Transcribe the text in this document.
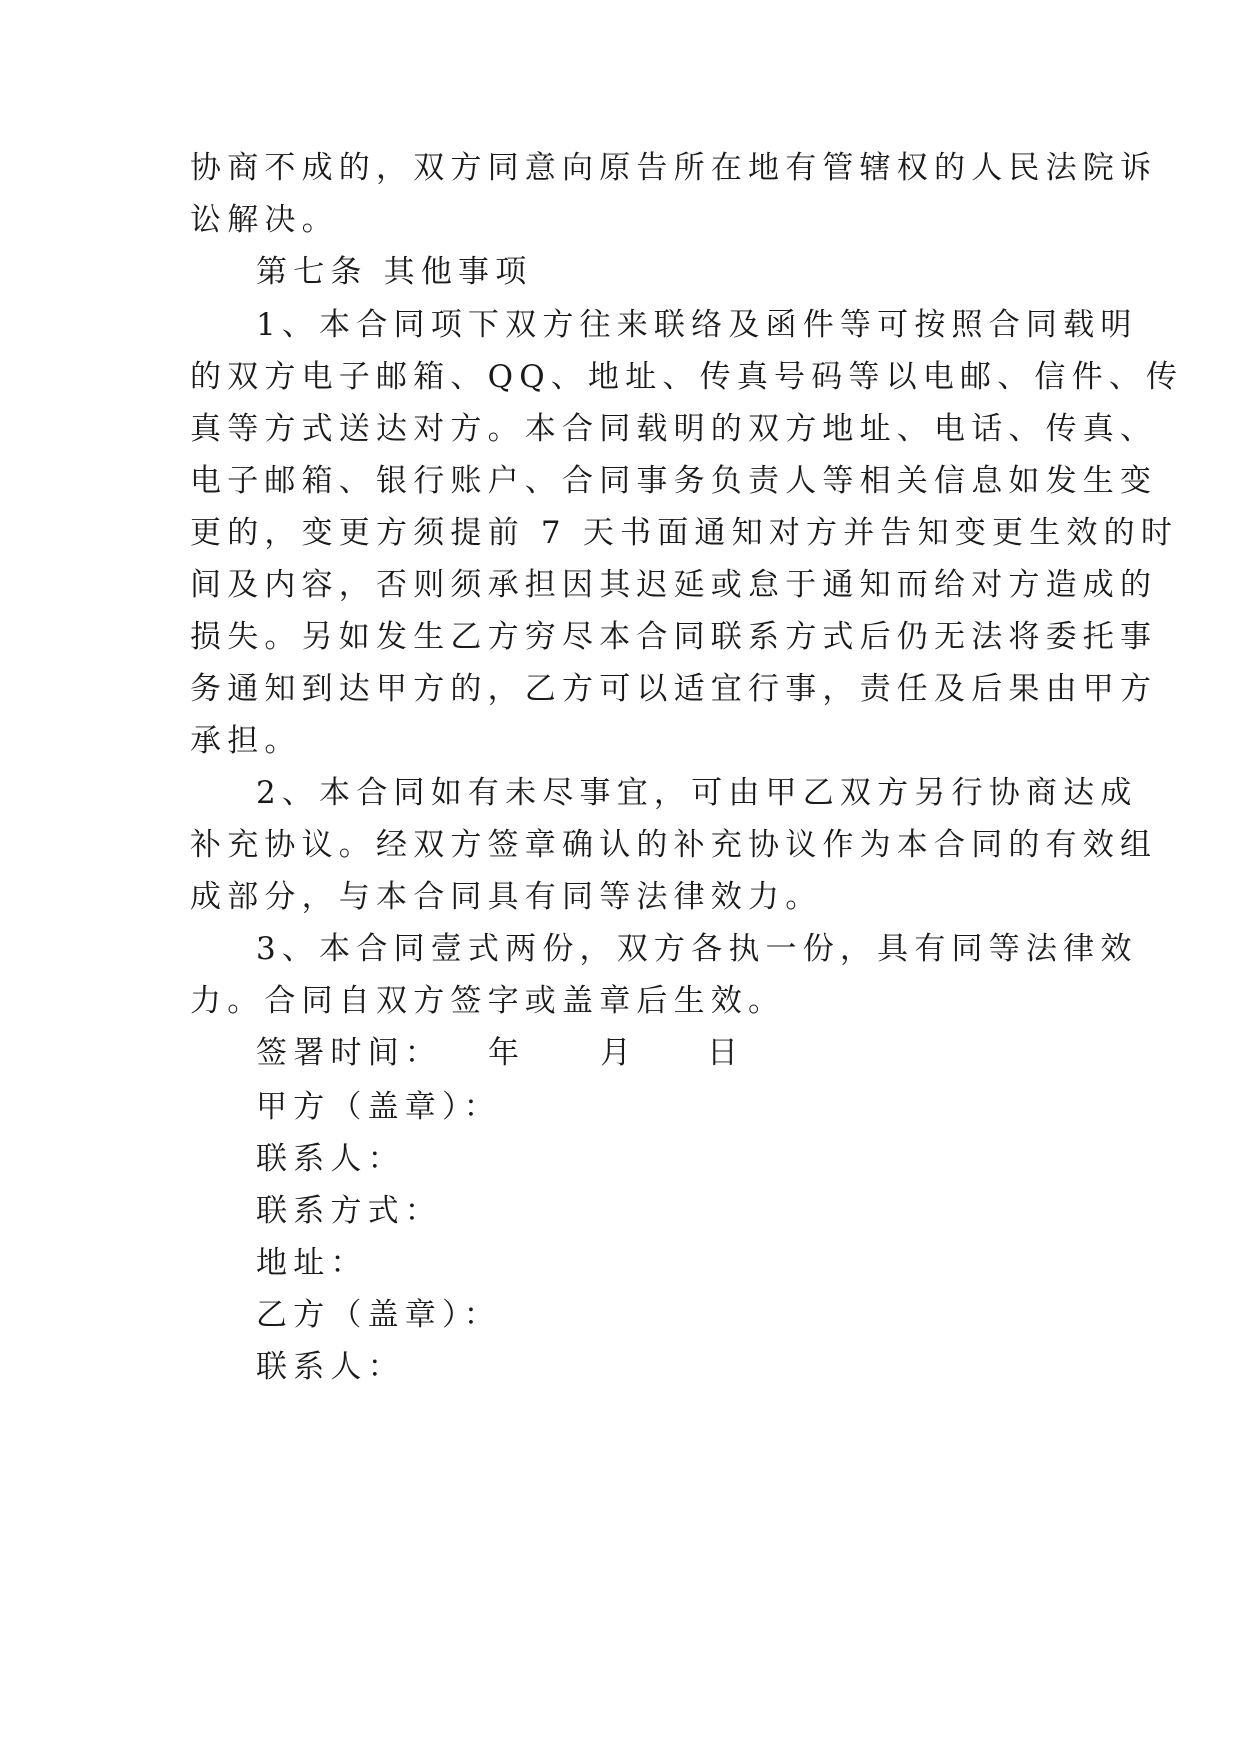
协商不成的，双方同意向原告所在地有管辖权的人民法院诉

讼解决。

第七条 其他事项

1、本合同项下双方往来联络及函件等可按照合同载明

的双方电子邮箱、QQ、地址、传真号码等以电邮、信件、传

真等方式送达对方。本合同载明的双方地址、电话、传真、

电子邮箱、银行账户、合同事务负责人等相关信息如发生变

更的，变更方须提前 7 天书面通知对方并告知变更生效的时

间及内容，否则须承担因其迟延或怠于通知而给对方造成的

损失。另如发生乙方穷尽本合同联系方式后仍无法将委托事

务通知到达甲方的，乙方可以适宜行事，责任及后果由甲方

承担。

2、本合同如有未尽事宜，可由甲乙双方另行协商达成

补充协议。经双方签章确认的补充协议作为本合同的有效组

成部分，与本合同具有同等法律效力。

3、本合同壹式两份，双方各执一份，具有同等法律效

力。合同自双方签字或盖章后生效。

签署时间： 年 月 日

甲方（盖章）：

联系人：

联系方式：

地址：

乙方（盖章）：

联系人：
